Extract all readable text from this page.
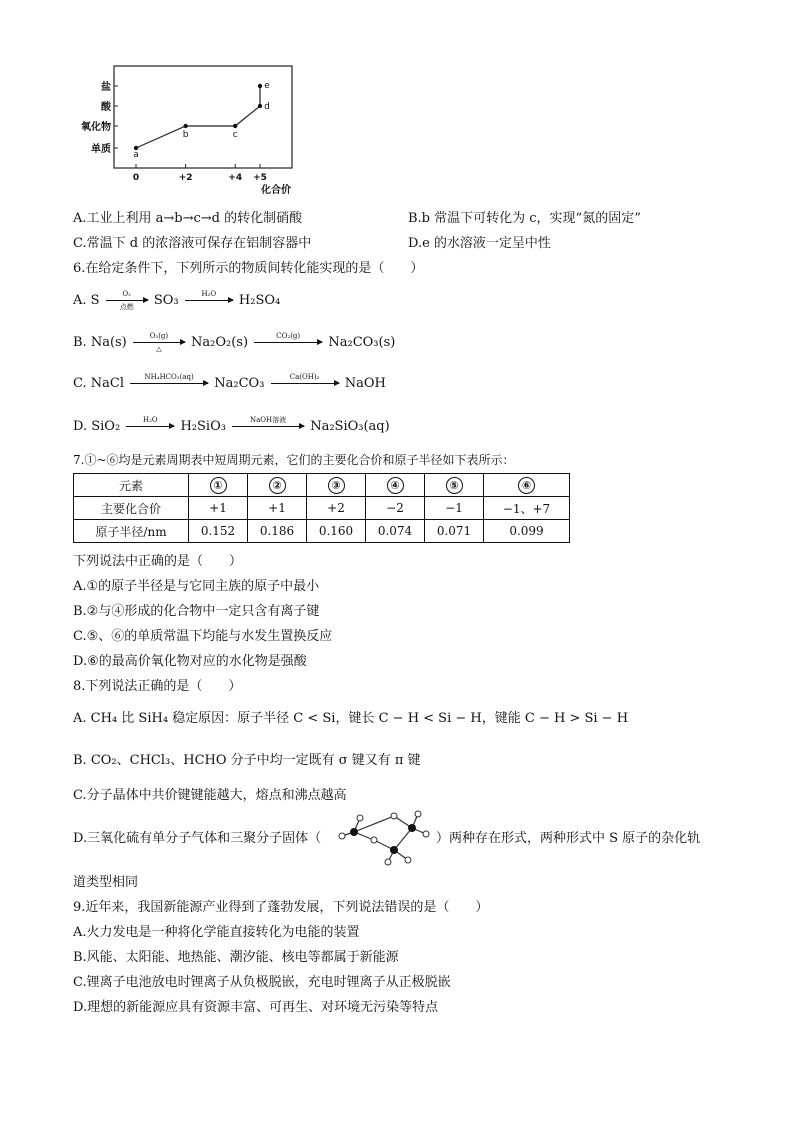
盐
酸
氧化物
单质
0	+2	+4 +5
化合价
a
b	c
d
e
A.工业上利用 a→b→c→d 的转化制硝酸	B.b 常温下可转化为 c，实现“氮的固定”
C.常温下 d 的浓溶液可保存在铝制容器中	D.e 的水溶液一定呈中性
6.在给定条件下，下列所示的物质间转化能实现的是（　　）
A. S	O₂
点燃	SO₃	H₂O	H₂SO₄
B. Na(s)	O₂(g)
△	Na₂O₂(s)	CO₂(g)	Na₂CO₃(s)
C. NaCl	NH₄HCO₃(aq)	Na₂CO₃	Ca(OH)₂	NaOH
D. SiO₂	H₂O	H₂SiO₃	NaOH溶液	Na₂SiO₃(aq)
7.①~⑥均是元素周期表中短周期元素，它们的主要化合价和原子半径如下表所示：
元素	①	②	③	④	⑤	⑥
主要化合价	+1	+1	+2	−2	−1	−1、+7
原子半径/nm	0.152	0.186	0.160	0.074	0.071	0.099
下列说法中正确的是（　　）
A.①的原子半径是与它同主族的原子中最小
B.②与④形成的化合物中一定只含有离子键
C.⑤、⑥的单质常温下均能与水发生置换反应
D.⑥的最高价氧化物对应的水化物是强酸
8.下列说法正确的是（　　）
A. CH₄ 比 SiH₄ 稳定原因：原子半径 C < Si，键长 C − H < Si − H，键能 C − H > Si − H
B. CO₂、CHCl₃、HCHO 分子中均一定既有 σ 键又有 π 键
C.分子晶体中共价键键能越大，熔点和沸点越高
D.三氧化硫有单分子气体和三聚分子固体（	）两种存在形式，两种形式中 S 原子的杂化轨
道类型相同
9.近年来，我国新能源产业得到了蓬勃发展，下列说法错误的是（　　）
A.火力发电是一种将化学能直接转化为电能的装置
B.风能、太阳能、地热能、潮汐能、核电等都属于新能源
C.锂离子电池放电时锂离子从负极脱嵌，充电时锂离子从正极脱嵌
D.理想的新能源应具有资源丰富、可再生、对环境无污染等特点
